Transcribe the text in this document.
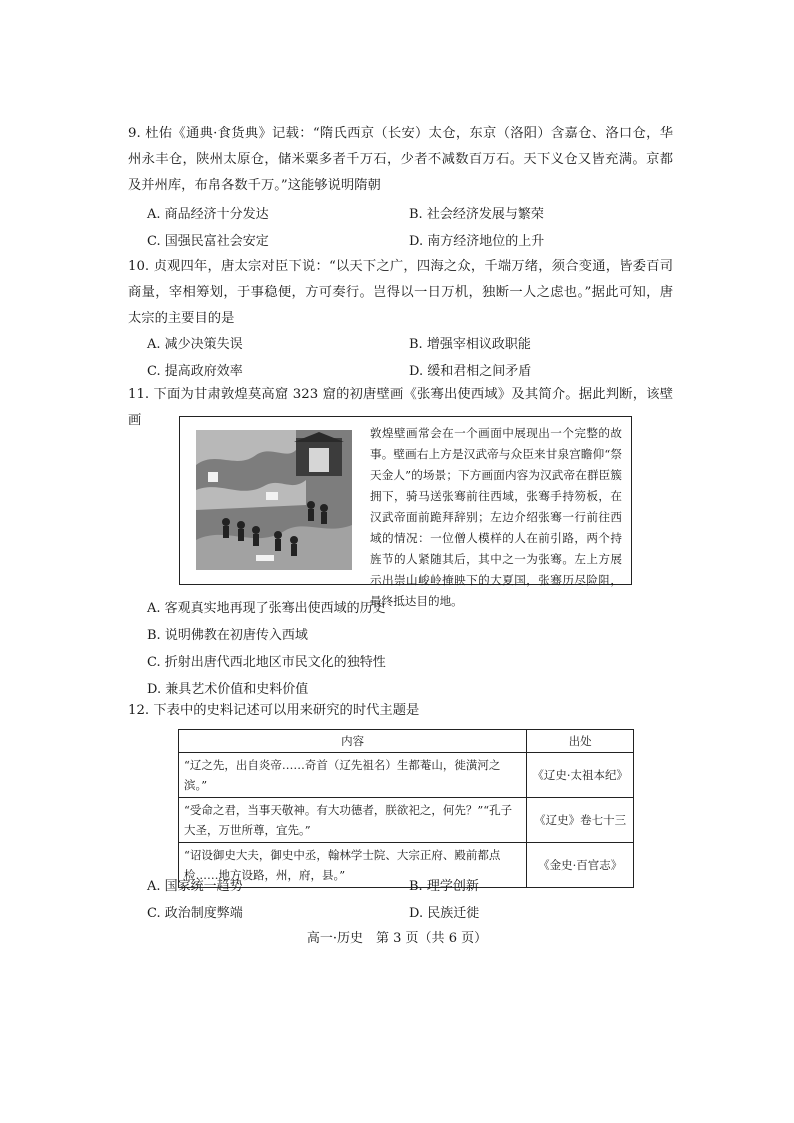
9. 杜佑《通典·食货典》记载：“隋氏西京（长安）太仓，东京（洛阳）含嘉仓、洛口仓，华州永丰仓，陕州太原仓，储米粟多者千万石，少者不减数百万石。天下义仓又皆充满。京都及并州库，布帛各数千万。”这能够说明隋朝

A. 商品经济十分发达	B. 社会经济发展与繁荣
C. 国强民富社会安定	D. 南方经济地位的上升

10. 贞观四年，唐太宗对臣下说：“以天下之广，四海之众，千端万绪，须合变通，皆委百司商量，宰相筹划，于事稳便，方可奏行。岂得以一日万机，独断一人之虑也。”据此可知，唐太宗的主要目的是

A. 减少决策失误	B. 增强宰相议政职能
C. 提高政府效率	D. 缓和君相之间矛盾

11. 下面为甘肃敦煌莫高窟 323 窟的初唐壁画《张骞出使西域》及其简介。据此判断，该壁画

敦煌壁画常会在一个画面中展现出一个完整的故事。壁画右上方是汉武帝与众臣来甘泉宫瞻仰“祭天金人”的场景；下方画面内容为汉武帝在群臣簇拥下，骑马送张骞前往西域，张骞手持笏板，在汉武帝面前跪拜辞别；左边介绍张骞一行前往西域的情况：一位僧人模样的人在前引路，两个持旌节的人紧随其后，其中之一为张骞。左上方展示出崇山峻岭掩映下的大夏国，张骞历尽险阻，最终抵达目的地。

A. 客观真实地再现了张骞出使西域的历史
B. 说明佛教在初唐传入西域
C. 折射出唐代西北地区市民文化的独特性
D. 兼具艺术价值和史料价值

12. 下表中的史料记述可以用来研究的时代主题是

内容	出处
“辽之先，出自炎帝……奇首（辽先祖名）生都菴山，徙潢河之滨。”	《辽史·太祖本纪》
“受命之君，当事天敬神。有大功德者，朕欲祀之，何先？”“孔子大圣，万世所尊，宜先。”	《辽史》卷七十三
“诏设御史大夫，御史中丞，翰林学士院、大宗正府、殿前都点检……地方设路，州，府，县。”	《金史·百官志》
A. 国家统一趋势	B. 理学创新
C. 政治制度弊端	D. 民族迁徙
高一·历史　第 3 页（共 6 页）
